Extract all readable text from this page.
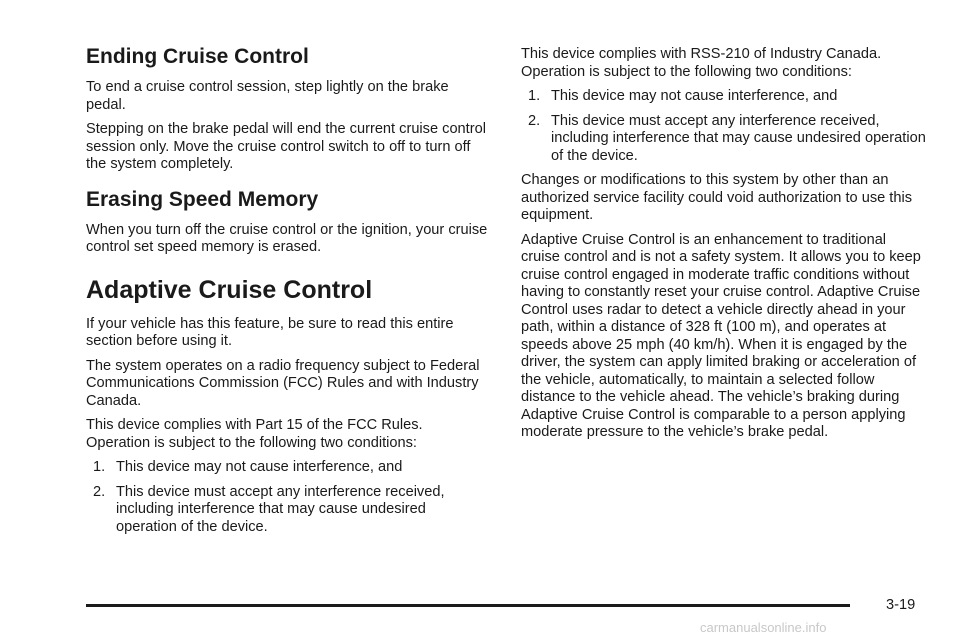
Ending Cruise Control

To end a cruise control session, step lightly on the brake pedal.

Stepping on the brake pedal will end the current cruise control session only. Move the cruise control switch to off to turn off the system completely.

Erasing Speed Memory

When you turn off the cruise control or the ignition, your cruise control set speed memory is erased.

Adaptive Cruise Control

If your vehicle has this feature, be sure to read this entire section before using it.

The system operates on a radio frequency subject to Federal Communications Commission (FCC) Rules and with Industry Canada.

This device complies with Part 15 of the FCC Rules. Operation is subject to the following two conditions:

1. This device may not cause interference, and
2. This device must accept any interference received, including interference that may cause undesired operation of the device.

This device complies with RSS-210 of Industry Canada. Operation is subject to the following two conditions:

1. This device may not cause interference, and
2. This device must accept any interference received, including interference that may cause undesired operation of the device.

Changes or modifications to this system by other than an authorized service facility could void authorization to use this equipment.

Adaptive Cruise Control is an enhancement to traditional cruise control and is not a safety system. It allows you to keep cruise control engaged in moderate traffic conditions without having to constantly reset your cruise control. Adaptive Cruise Control uses radar to detect a vehicle directly ahead in your path, within a distance of 328 ft (100 m), and operates at speeds above 25 mph (40 km/h). When it is engaged by the driver, the system can apply limited braking or acceleration of the vehicle, automatically, to maintain a selected follow distance to the vehicle ahead. The vehicle’s braking during Adaptive Cruise Control is comparable to a person applying moderate pressure to the vehicle’s brake pedal.

3-19
carmanualsonline.info
